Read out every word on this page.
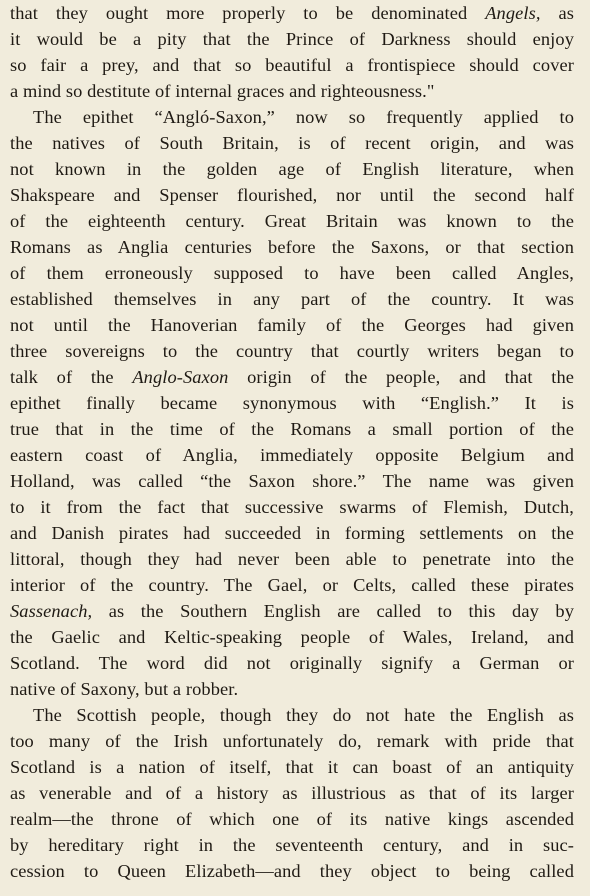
that they ought more properly to be denominated Angels, as
it would be a pity that the Prince of Darkness should enjoy
so fair a prey, and that so beautiful a frontispiece should cover
a mind so destitute of internal graces and righteousness."
The epithet “Angló-Saxon,” now so frequently applied to
the natives of South Britain, is of recent origin, and was
not known in the golden age of English literature, when
Shakspeare and Spenser flourished, nor until the second half
of the eighteenth century. Great Britain was known to the
Romans as Anglia centuries before the Saxons, or that section
of them erroneously supposed to have been called Angles,
established themselves in any part of the country. It was
not until the Hanoverian family of the Georges had given
three sovereigns to the country that courtly writers began to
talk of the Anglo-Saxon origin of the people, and that the
epithet finally became synonymous with “English.” It is
true that in the time of the Romans a small portion of the
eastern coast of Anglia, immediately opposite Belgium and
Holland, was called “the Saxon shore.” The name was given
to it from the fact that successive swarms of Flemish, Dutch,
and Danish pirates had succeeded in forming settlements on the
littoral, though they had never been able to penetrate into the
interior of the country. The Gael, or Celts, called these pirates
Sassenach, as the Southern English are called to this day by
the Gaelic and Keltic-speaking people of Wales, Ireland, and
Scotland. The word did not originally signify a German or
native of Saxony, but a robber.
The Scottish people, though they do not hate the English as
too many of the Irish unfortunately do, remark with pride that
Scotland is a nation of itself, that it can boast of an antiquity
as venerable and of a history as illustrious as that of its larger
realm—the throne of which one of its native kings ascended
by hereditary right in the seventeenth century, and in suc-
cession to Queen Elizabeth—and they object to being called
